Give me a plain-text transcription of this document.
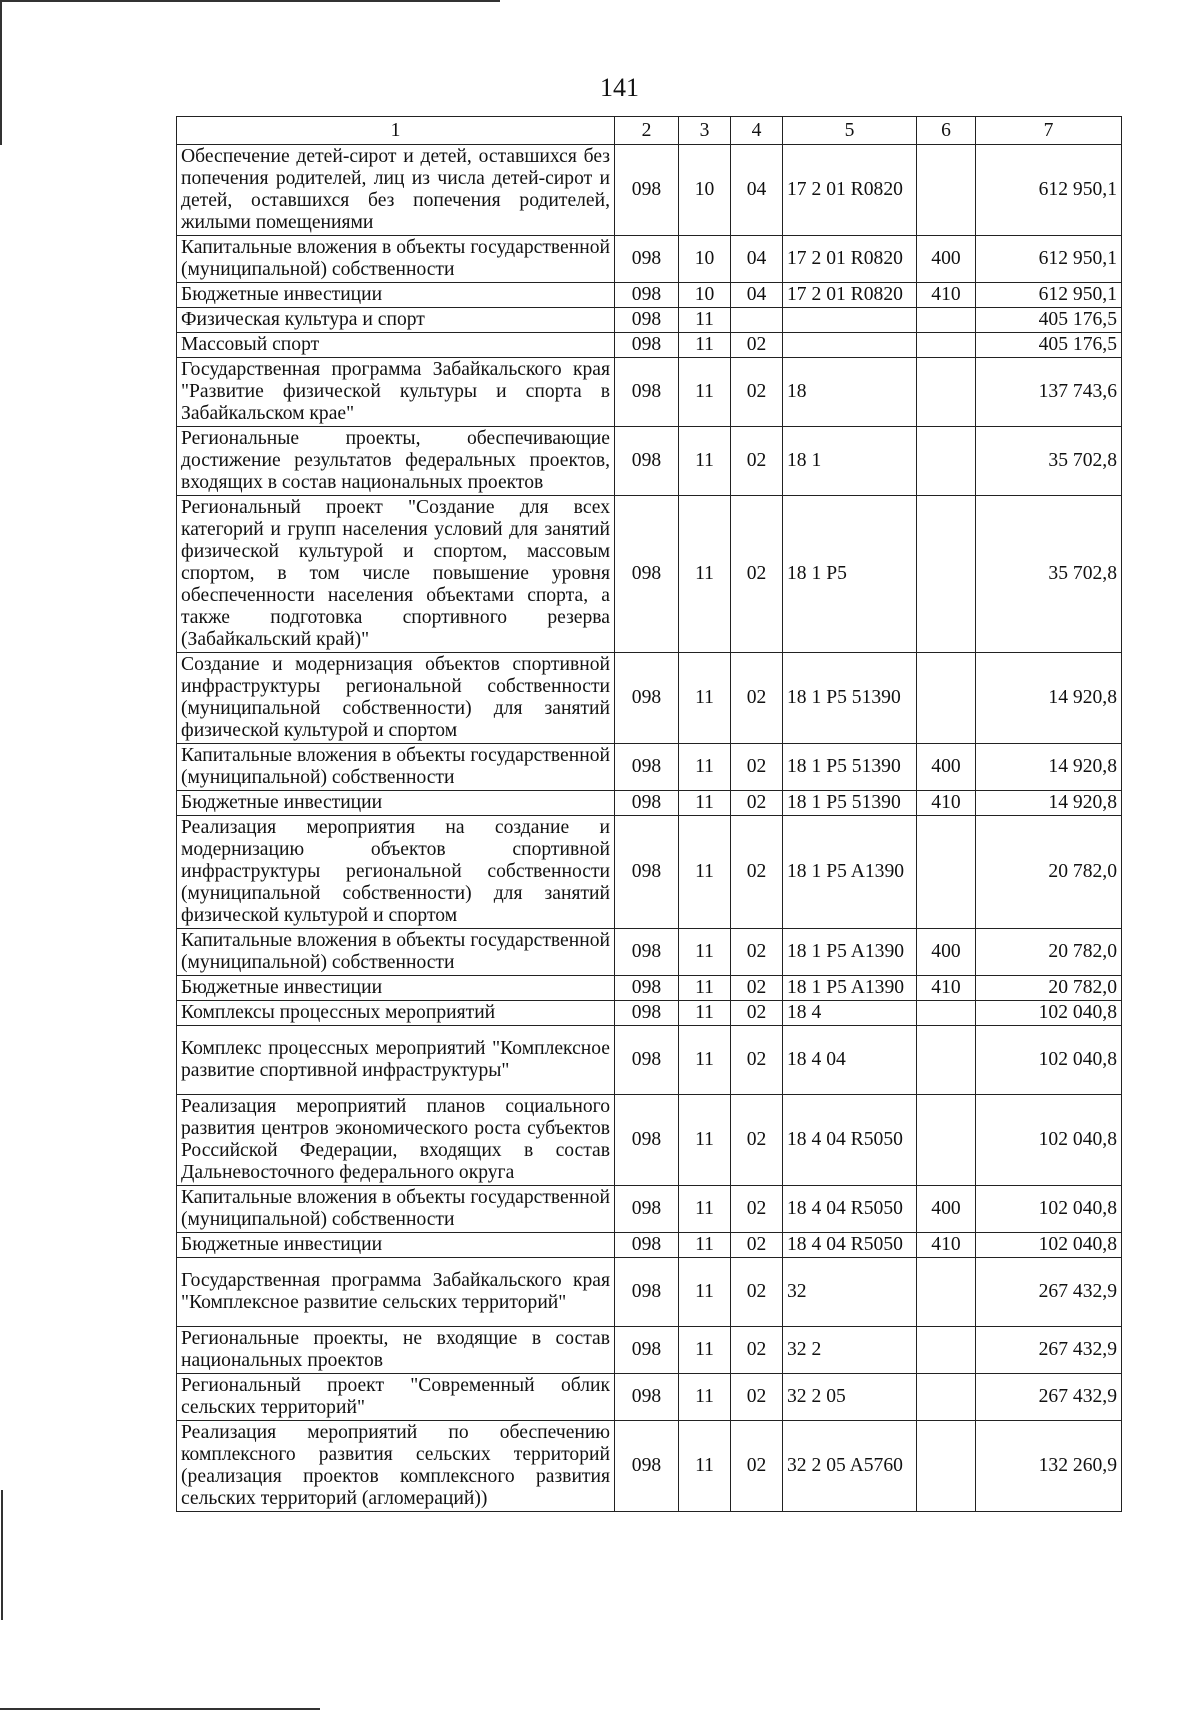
141
1	2	3	4	5	6	7
Обеспечение детей-сирот и детей, оставшихся без попечения родителей, лиц из числа детей-сирот и детей, оставшихся без попечения родителей, жилыми помещениями	098	10	04	17 2 01 R0820		612 950,1
Капитальные вложения в объекты государственной (муниципальной) собственности	098	10	04	17 2 01 R0820	400	612 950,1
Бюджетные инвестиции	098	10	04	17 2 01 R0820	410	612 950,1
Физическая культура и спорт	098	11				405 176,5
Массовый спорт	098	11	02			405 176,5
Государственная программа Забайкальского края "Развитие физической культуры и спорта в Забайкальском крае"	098	11	02	18		137 743,6
Региональные проекты, обеспечивающие достижение результатов федеральных проектов, входящих в состав национальных проектов	098	11	02	18 1		35 702,8
Региональный проект "Создание для всех категорий и групп населения условий для занятий физической культурой и спортом, массовым спортом, в том числе повышение уровня обеспеченности населения объектами спорта, а также подготовка спортивного резерва (Забайкальский край)"	098	11	02	18 1 P5		35 702,8
Создание и модернизация объектов спортивной инфраструктуры региональной собственности (муниципальной собственности) для занятий физической культурой и спортом	098	11	02	18 1 P5 51390		14 920,8
Капитальные вложения в объекты государственной (муниципальной) собственности	098	11	02	18 1 P5 51390	400	14 920,8
Бюджетные инвестиции	098	11	02	18 1 P5 51390	410	14 920,8
Реализация мероприятия на создание и модернизацию объектов спортивной инфраструктуры региональной собственности (муниципальной собственности) для занятий физической культурой и спортом	098	11	02	18 1 P5 A1390		20 782,0
Капитальные вложения в объекты государственной (муниципальной) собственности	098	11	02	18 1 P5 A1390	400	20 782,0
Бюджетные инвестиции	098	11	02	18 1 P5 A1390	410	20 782,0
Комплексы процессных мероприятий	098	11	02	18 4		102 040,8
Комплекс процессных мероприятий "Комплексное развитие спортивной инфраструктуры"	098	11	02	18 4 04		102 040,8
Реализация мероприятий планов социального развития центров экономического роста субъектов Российской Федерации, входящих в состав Дальневосточного федерального округа	098	11	02	18 4 04 R5050		102 040,8
Капитальные вложения в объекты государственной (муниципальной) собственности	098	11	02	18 4 04 R5050	400	102 040,8
Бюджетные инвестиции	098	11	02	18 4 04 R5050	410	102 040,8
Государственная программа Забайкальского края "Комплексное развитие сельских территорий"	098	11	02	32		267 432,9
Региональные проекты, не входящие в состав национальных проектов	098	11	02	32 2		267 432,9
Региональный проект "Современный облик сельских территорий"	098	11	02	32 2 05		267 432,9
Реализация мероприятий по обеспечению комплексного развития сельских территорий (реализация проектов комплексного развития сельских территорий (агломераций))	098	11	02	32 2 05 A5760		132 260,9
